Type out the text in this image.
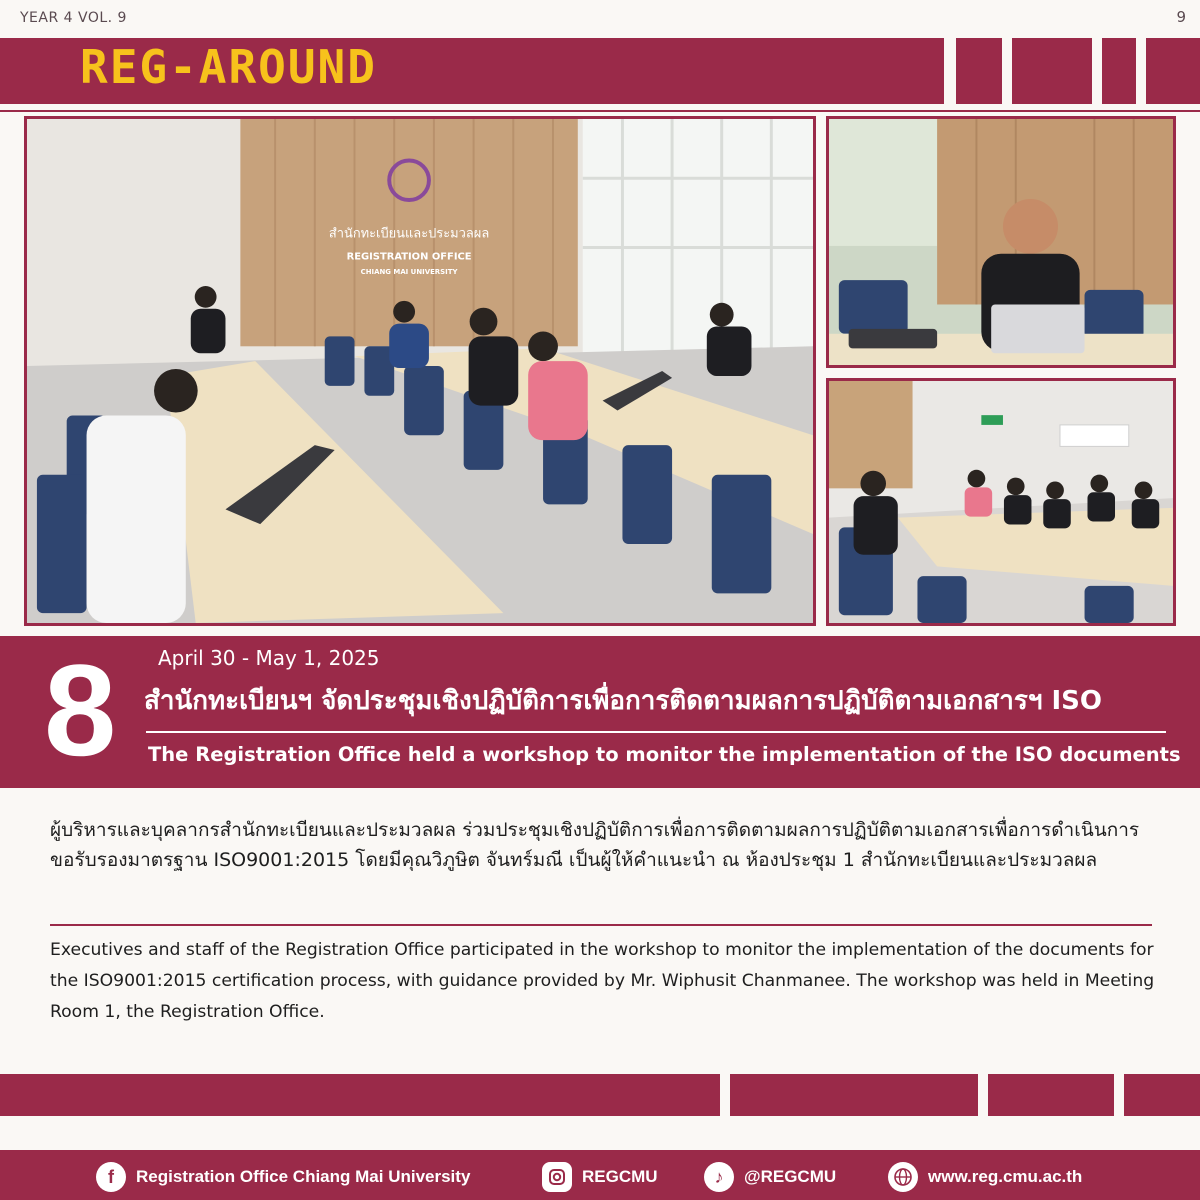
YEAR 4 VOL. 9	9
REG-AROUND
สำนักทะเบียนและประมวลผล
REGISTRATION OFFICE
CHIANG MAI UNIVERSITY
8	April 30 - May 1, 2025
สำนักทะเบียนฯ จัดประชุมเชิงปฏิบัติการเพื่อการติดตามผลการปฏิบัติตามเอกสารฯ ISO
The Registration Office held a workshop to monitor the implementation of the ISO documents

ผู้บริหารและบุคลากรสำนักทะเบียนและประมวลผล ร่วมประชุมเชิงปฏิบัติการเพื่อการติดตามผลการปฏิบัติตามเอกสารเพื่อการดำเนินการขอรับรองมาตรฐาน ISO9001:2015 โดยมีคุณวิภูษิต จันทร์มณี เป็นผู้ให้คำแนะนำ ณ ห้องประชุม 1 สำนักทะเบียนและประมวลผล

Executives and staff of the Registration Office participated in the workshop to monitor the implementation of the documents for the ISO9001:2015 certification process, with guidance provided by Mr. Wiphusit Chanmanee. The workshop was held in Meeting Room 1, the Registration Office.

f	Registration Office Chiang Mai University	REGCMU	♪	@REGCMU	www.reg.cmu.ac.th
